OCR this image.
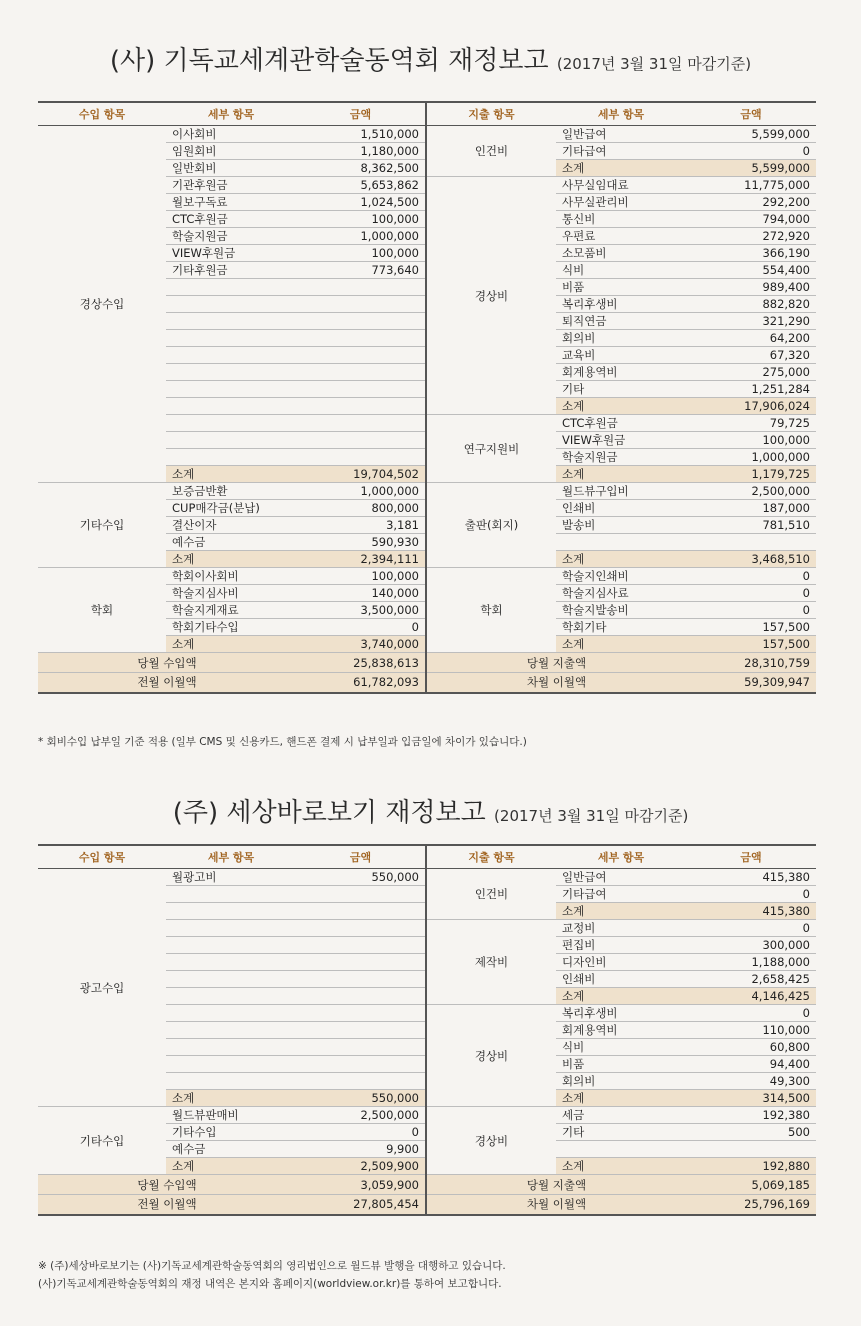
(사) 기독교세계관학술동역회 재정보고 (2017년 3월 31일 마감기준)
수입 항목	세부 항목	금액	지출 항목	세부 항목	금액
경상수입	이사회비	1,510,000	인건비	일반급여	5,599,000
	임원회비	1,180,000		기타급여	0
	일반회비	8,362,500		소계	5,599,000
	기관후원금	5,653,862	경상비	사무실임대료	11,775,000
	월보구독료	1,024,500		사무실관리비	292,200
	CTC후원금	100,000		통신비	794,000
	학술지원금	1,000,000		우편료	272,920
	VIEW후원금	100,000		소모품비	366,190
	기타후원금	773,640		식비	554,400
				비품	989,400
				복리후생비	882,820
				퇴직연금	321,290
				회의비	64,200
				교육비	67,320
				회계용역비	275,000
				기타	1,251,284
				소계	17,906,024
			연구지원비	CTC후원금	79,725
				VIEW후원금	100,000
				학술지원금	1,000,000
	소계	19,704,502		소계	1,179,725
기타수입	보증금반환	1,000,000	출판(회지)	월드뷰구입비	2,500,000
	CUP매각금(분납)	800,000		인쇄비	187,000
	결산이자	3,181		발송비	781,510
	예수금	590,930			
	소계	2,394,111		소계	3,468,510
학회	학회이사회비	100,000	학회	학술지인쇄비	0
	학술지심사비	140,000		학술지심사료	0
	학술지게재료	3,500,000		학술지발송비	0
	학회기타수입	0		학회기타	157,500
	소계	3,740,000		소계	157,500
당월 수입액		25,838,613	당월 지출액		28,310,759
전월 이월액		61,782,093	차월 이월액		59,309,947
* 회비수입 납부일 기준 적용 (일부 CMS 및 신용카드, 핸드폰 결제 시 납부일과 입금일에 차이가 있습니다.)
(주) 세상바로보기 재정보고 (2017년 3월 31일 마감기준)
수입 항목	세부 항목	금액	지출 항목	세부 항목	금액
광고수입	월광고비	550,000	인건비	일반급여	415,380
				기타급여	0
				소계	415,380
			제작비	교정비	0
				편집비	300,000
				디자인비	1,188,000
				인쇄비	2,658,425
				소계	4,146,425
			경상비	복리후생비	0
				회계용역비	110,000
				식비	60,800
				비품	94,400
				회의비	49,300
	소계	550,000		소계	314,500
기타수입	월드뷰판매비	2,500,000	경상비	세금	192,380
	기타수입	0		기타	500
	예수금	9,900			
	소계	2,509,900		소계	192,880
당월 수입액		3,059,900	당월 지출액		5,069,185
전월 이월액		27,805,454	차월 이월액		25,796,169
※ (주)세상바로보기는 (사)기독교세계관학술동역회의 영리법인으로 월드뷰 발행을 대행하고 있습니다.
(사)기독교세계관학술동역회의 재정 내역은 본지와 홈페이지(worldview.or.kr)를 통하여 보고합니다.
